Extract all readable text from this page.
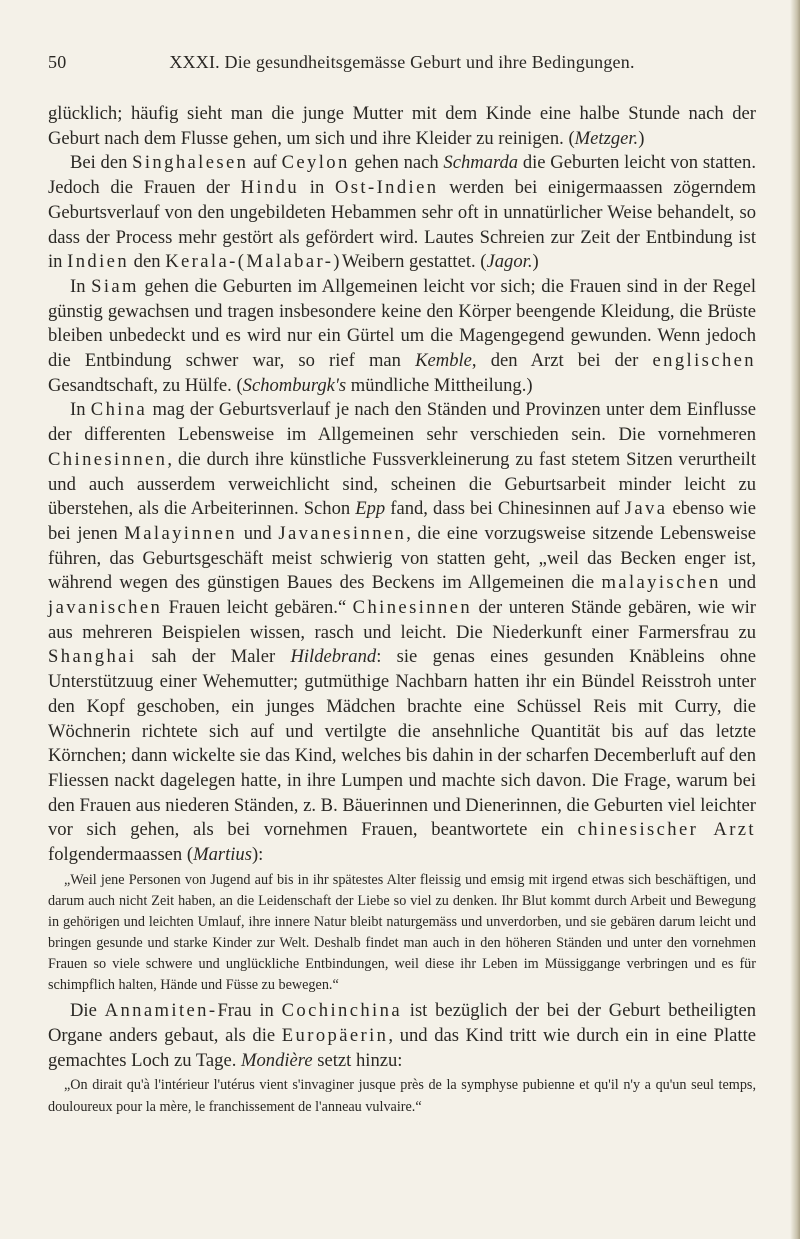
50	XXXI. Die gesundheitsgemässe Geburt und ihre Bedingungen.

glücklich; häufig sieht man die junge Mutter mit dem Kinde eine halbe Stunde nach der Geburt nach dem Flusse gehen, um sich und ihre Kleider zu reinigen. (Metzger.)

Bei den Singhalesen auf Ceylon gehen nach Schmarda die Geburten leicht von statten. Jedoch die Frauen der Hindu in Ost-Indien werden bei einigermaassen zögerndem Geburtsverlauf von den ungebildeten Hebammen sehr oft in unnatürlicher Weise behandelt, so dass der Process mehr gestört als gefördert wird. Lautes Schreien zur Zeit der Entbindung ist in Indien den Kerala-(Malabar-)Weibern gestattet. (Jagor.)

In Siam gehen die Geburten im Allgemeinen leicht vor sich; die Frauen sind in der Regel günstig gewachsen und tragen insbesondere keine den Körper beengende Kleidung, die Brüste bleiben unbedeckt und es wird nur ein Gürtel um die Magengegend gewunden. Wenn jedoch die Entbindung schwer war, so rief man Kemble, den Arzt bei der englischen Gesandtschaft, zu Hülfe. (Schomburgk's mündliche Mittheilung.)

In China mag der Geburtsverlauf je nach den Ständen und Provinzen unter dem Einflusse der differenten Lebensweise im Allgemeinen sehr verschieden sein. Die vornehmeren Chinesinnen, die durch ihre künstliche Fussverkleinerung zu fast stetem Sitzen verurtheilt und auch ausserdem verweichlicht sind, scheinen die Geburtsarbeit minder leicht zu überstehen, als die Arbeiterinnen. Schon Epp fand, dass bei Chinesinnen auf Java ebenso wie bei jenen Malayinnen und Javanesinnen, die eine vorzugsweise sitzende Lebensweise führen, das Geburtsgeschäft meist schwierig von statten geht, „weil das Becken enger ist, während wegen des günstigen Baues des Beckens im Allgemeinen die malayischen und javanischen Frauen leicht gebären.“ Chinesinnen der unteren Stände gebären, wie wir aus mehreren Beispielen wissen, rasch und leicht. Die Niederkunft einer Farmersfrau zu Shanghai sah der Maler Hildebrand: sie genas eines gesunden Knäbleins ohne Unterstützuug einer Wehemutter; gutmüthige Nachbarn hatten ihr ein Bündel Reisstroh unter den Kopf geschoben, ein junges Mädchen brachte eine Schüssel Reis mit Curry, die Wöchnerin richtete sich auf und vertilgte die ansehnliche Quantität bis auf das letzte Körnchen; dann wickelte sie das Kind, welches bis dahin in der scharfen Decemberluft auf den Fliessen nackt dagelegen hatte, in ihre Lumpen und machte sich davon. Die Frage, warum bei den Frauen aus niederen Ständen, z. B. Bäuerinnen und Dienerinnen, die Geburten viel leichter vor sich gehen, als bei vornehmen Frauen, beantwortete ein chinesischer Arzt folgendermaassen (Martius):

„Weil jene Personen von Jugend auf bis in ihr spätestes Alter fleissig und emsig mit irgend etwas sich beschäftigen, und darum auch nicht Zeit haben, an die Leidenschaft der Liebe so viel zu denken. Ihr Blut kommt durch Arbeit und Bewegung in gehörigen und leichten Umlauf, ihre innere Natur bleibt naturgemäss und unverdorben, und sie gebären darum leicht und bringen gesunde und starke Kinder zur Welt. Deshalb findet man auch in den höheren Ständen und unter den vornehmen Frauen so viele schwere und unglückliche Entbindungen, weil diese ihr Leben im Müssiggange verbringen und es für schimpflich halten, Hände und Füsse zu bewegen.“

Die Annamiten-Frau in Cochinchina ist bezüglich der bei der Geburt betheiligten Organe anders gebaut, als die Europäerin, und das Kind tritt wie durch ein in eine Platte gemachtes Loch zu Tage. Mondière setzt hinzu:

„On dirait qu'à l'intérieur l'utérus vient s'invaginer jusque près de la symphyse pubienne et qu'il n'y a qu'un seul temps, douloureux pour la mère, le franchissement de l'anneau vulvaire.“
